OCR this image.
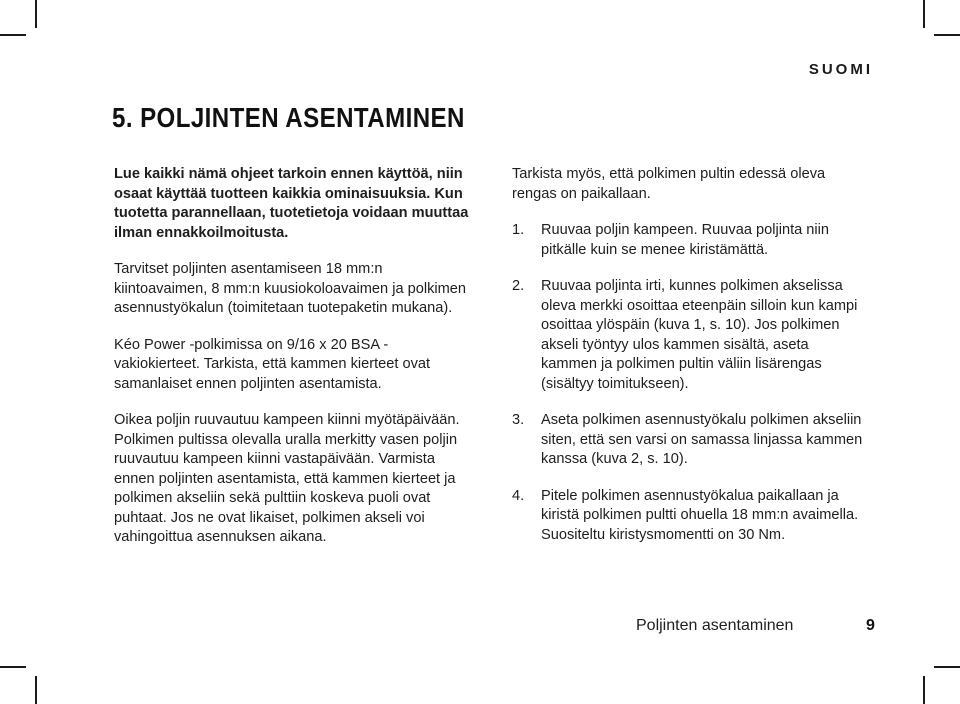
SUOMI
5. POLJINTEN ASENTAMINEN

Lue kaikki nämä ohjeet tarkoin ennen käyttöä, niin osaat käyttää tuotteen kaikkia ominaisuuksia. Kun tuotetta parannellaan, tuotetietoja voidaan muuttaa ilman ennakkoilmoitusta.

Tarvitset poljinten asentamiseen 18 mm:n kiintoavaimen, 8 mm:n kuusiokoloavaimen ja polkimen asennustyökalun (toimitetaan tuotepaketin mukana).

Kéo Power -polkimissa on 9/16 x 20 BSA -vakiokierteet. Tarkista, että kammen kierteet ovat samanlaiset ennen poljinten asentamista.

Oikea poljin ruuvautuu kampeen kiinni myötäpäivään. Polkimen pultissa olevalla uralla merkitty vasen poljin ruuvautuu kampeen kiinni vastapäivään. Varmista ennen poljinten asentamista, että kammen kierteet ja polkimen akseliin sekä pulttiin koskeva puoli ovat puhtaat. Jos ne ovat likaiset, polkimen akseli voi vahingoittua asennuksen aikana.

Tarkista myös, että polkimen pultin edessä oleva rengas on paikallaan.

1. Ruuvaa poljin kampeen. Ruuvaa poljinta niin pitkälle kuin se menee kiristämättä.
2. Ruuvaa poljinta irti, kunnes polkimen akselissa oleva merkki osoittaa eteenpäin silloin kun kampi osoittaa ylöspäin (kuva 1, s. 10). Jos polkimen akseli työntyy ulos kammen sisältä, aseta kammen ja polkimen pultin väliin lisärengas (sisältyy toimitukseen).
3. Aseta polkimen asennustyökalu polkimen akseliin siten, että sen varsi on samassa linjassa kammen kanssa (kuva 2, s. 10).
4. Pitele polkimen asennustyökalua paikallaan ja kiristä polkimen pultti ohuella 18 mm:n avaimella. Suositeltu kiristysmomentti on 30 Nm.
Poljinten asentaminen	9
